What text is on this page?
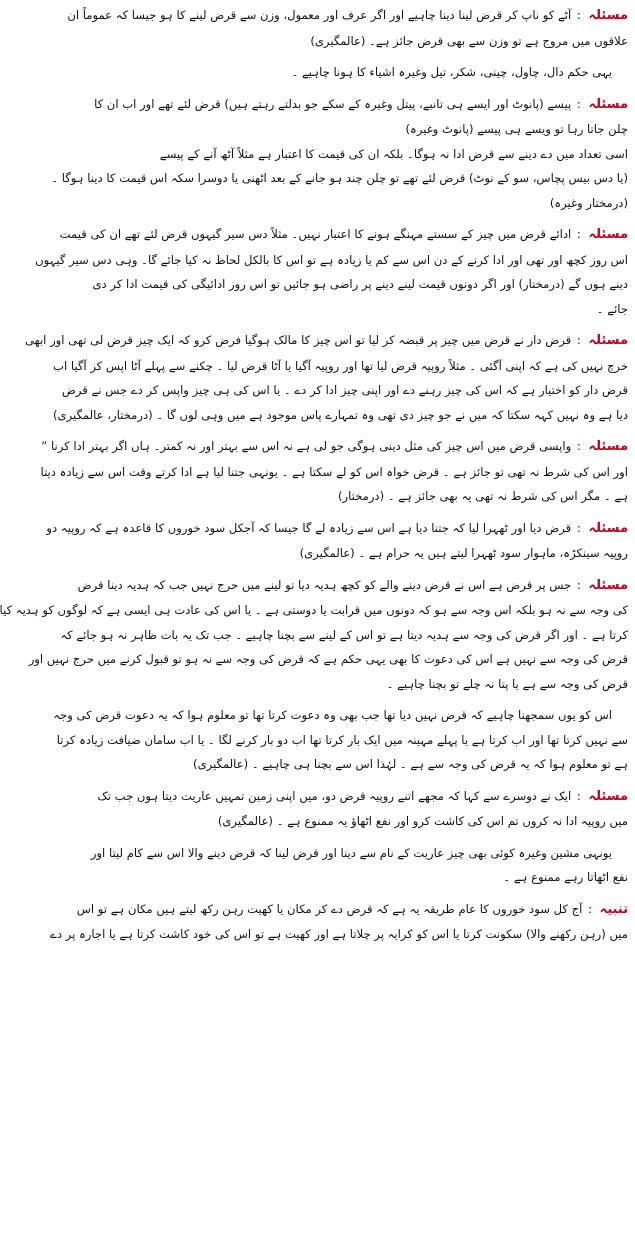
مسئلہ : آٹے کو ناپ کر قرض لینا دینا چاہیے اور اگر عرف اور معمول، وزن سے قرض لینے کا ہو جیسا کہ عموماً ان
علاقوں میں مروج ہے تو وزن سے بھی قرض جائز ہے۔ (عالمگیری)
یہی حکم دال، چاول، چینی، شکر، تیل وغیرہ اشیاء کا ہونا چاہیے ۔
مسئلہ : پیسے (پانوٹ اور ایسے ہی تانبے، پیتل وغیرہ کے سکے جو بدلتے رہتے ہیں) قرض لئے تھے اور اب ان کا
چلن جاتا رہا تو ویسے ہی پیسے (پانوٹ وغیرہ)
اسی تعداد میں دے دینے سے قرض ادا نہ ہوگا۔ بلکہ ان کی قیمت کا اعتبار ہے مثلاً آٹھ آنے کے پیسے
(یا دس بیس پچاس، سو کے نوٹ) قرض لئے تھے تو چلن چند ہو جانے کے بعد اٹھنی یا دوسرا سکہ اس قیمت کا دینا ہوگا ۔
(درمختار وغیرہ)
مسئلہ : ادائے قرض میں چیز کے سستے مہنگے ہونے کا اعتبار نہیں۔ مثلاً دس سیر گیہوں قرض لئے تھے ان کی قیمت
اس روز کچھ اور تھی اور ادا کرنے کے دن اس سے کم یا زیادہ ہے تو اس کا بالکل لحاظ نہ کیا جائے گا۔ وہی دس سیر گیہوں
دینے ہوں گے (درمختار) اور اگر دونوں قیمت لینے دینے پر راضی ہو جائیں تو اس روز ادائیگی کی قیمت ادا کر دی
جائے ۔
مسئلہ : قرض دار نے قرض میں چیز پر قبضہ کر لیا تو اس چیز کا مالک ہوگیا فرض کرو کہ ایک چیز قرض لی تھی اور ابھی
خرچ نہیں کی ہے کہ اپنی آگئی ۔ مثلاً روپیہ قرض لیا تھا اور روپیہ آگیا یا آٹا قرض لیا ۔ چکنے سے پہلے آٹا اپس کر آگیا اب
قرض دار کو اختیار ہے کہ اس کی چیز رہنے دے اور اپنی چیز ادا کر دے ۔ یا اس کی ہی چیز واپس کر دے جس نے قرض
دیا ہے وہ نہیں کہہ سکتا کہ میں نے جو چیز دی تھی وہ تمہارے پاس موجود ہے میں وہی لوں گا ۔ (درمختار، عالمگیری)
مسئلہ : واپسی قرض میں اس چیز کی مثل دینی ہوگی جو لی ہے نہ اس سے بہتر اور نہ کمتر۔ ہاں اگر بہتر ادا کرنا ”
اور اس کی شرط نہ تھی تو جائز ہے ۔ قرض خواہ اس کو لے سکتا ہے ۔ یونہی جتنا لیا ہے ادا کرتے وقت اس سے زیادہ دیتا
ہے ۔ مگر اس کی شرط نہ تھی یہ بھی جائز ہے ۔ (درمختار)
مسئلہ : قرض دیا اور ٹھہرا لیا کہ جتنا دیا ہے اس سے زیادہ لے گا جیسا کہ آجکل سود خوروں کا قاعدہ ہے کہ روپیہ دو
روپیہ سینکڑہ، ماہوار سود ٹھہرا لیتے ہیں یہ حرام ہے ۔ (عالمگیری)
مسئلہ : جس پر قرض ہے اس نے قرض دینے والے کو کچھ ہدیہ دیا تو لینے میں حرج نہیں جب کہ ہدیہ دینا قرض
کی وجہ سے نہ ہو بلکہ اس وجہ سے ہو کہ دونوں میں قرابت یا دوستی ہے ۔ یا اس کی عادت ہی ایسی ہے کہ لوگوں کو ہدیہ کیا
کرتا ہے ۔ اور اگر قرض کی وجہ سے ہدیہ دیتا ہے تو اس کے لینے سے بچنا چاہیے ۔ جب تک یہ بات ظاہر نہ ہو جائے کہ
قرض کی وجہ سے نہیں ہے اس کی دعوت کا بھی یہی حکم ہے کہ قرض کی وجہ سے نہ ہو تو قبول کرنے میں حرج نہیں اور
قرض کی وجہ سے ہے یا پتا نہ چلے تو بچنا چاہیے ۔
اس کو یوں سمجھنا چاہیے کہ قرض نہیں دیا تھا جب بھی وہ دعوت کرتا تھا تو معلوم ہوا کہ یہ دعوت قرض کی وجہ
سے نہیں کرتا تھا اور اب کرتا ہے یا پہلے مہینہ میں ایک بار کرتا تھا اب دو بار کرنے لگا ۔ یا اب سامان ضیافت زیادہ کرتا
ہے تو معلوم ہوا کہ یہ قرض کی وجہ سے ہے ۔ لہٰذا اس سے بچنا ہی چاہیے ۔ (عالمگیری)
مسئلہ : ایک نے دوسرے سے کہا کہ مجھے اتنے روپیہ قرض دو، میں اپنی زمین تمہیں عاریت دیتا ہوں جب تک
میں روپیہ ادا نہ کروں تم اس کی کاشت کرو اور نفع اٹھاؤ یہ ممنوع ہے ۔ (عالمگیری)
یونہی مشین وغیرہ کوئی بھی چیز عاریت کے نام سے دینا اور قرض لینا کہ قرض دینے والا اس سے کام لیتا اور
نفع اٹھاتا رہے ممنوع ہے ۔
تنبیہ : آج کل سود خوروں کا عام طریقہ یہ ہے کہ قرض دے کر مکان یا کھیت رہن رکھ لیتے ہیں مکان ہے تو اس
میں (رہن رکھنے والا) سکونت کرتا یا اس کو کرایہ پر چلاتا ہے اور کھیت ہے تو اس کی خود کاشت کرتا ہے یا اجارہ پر دے
